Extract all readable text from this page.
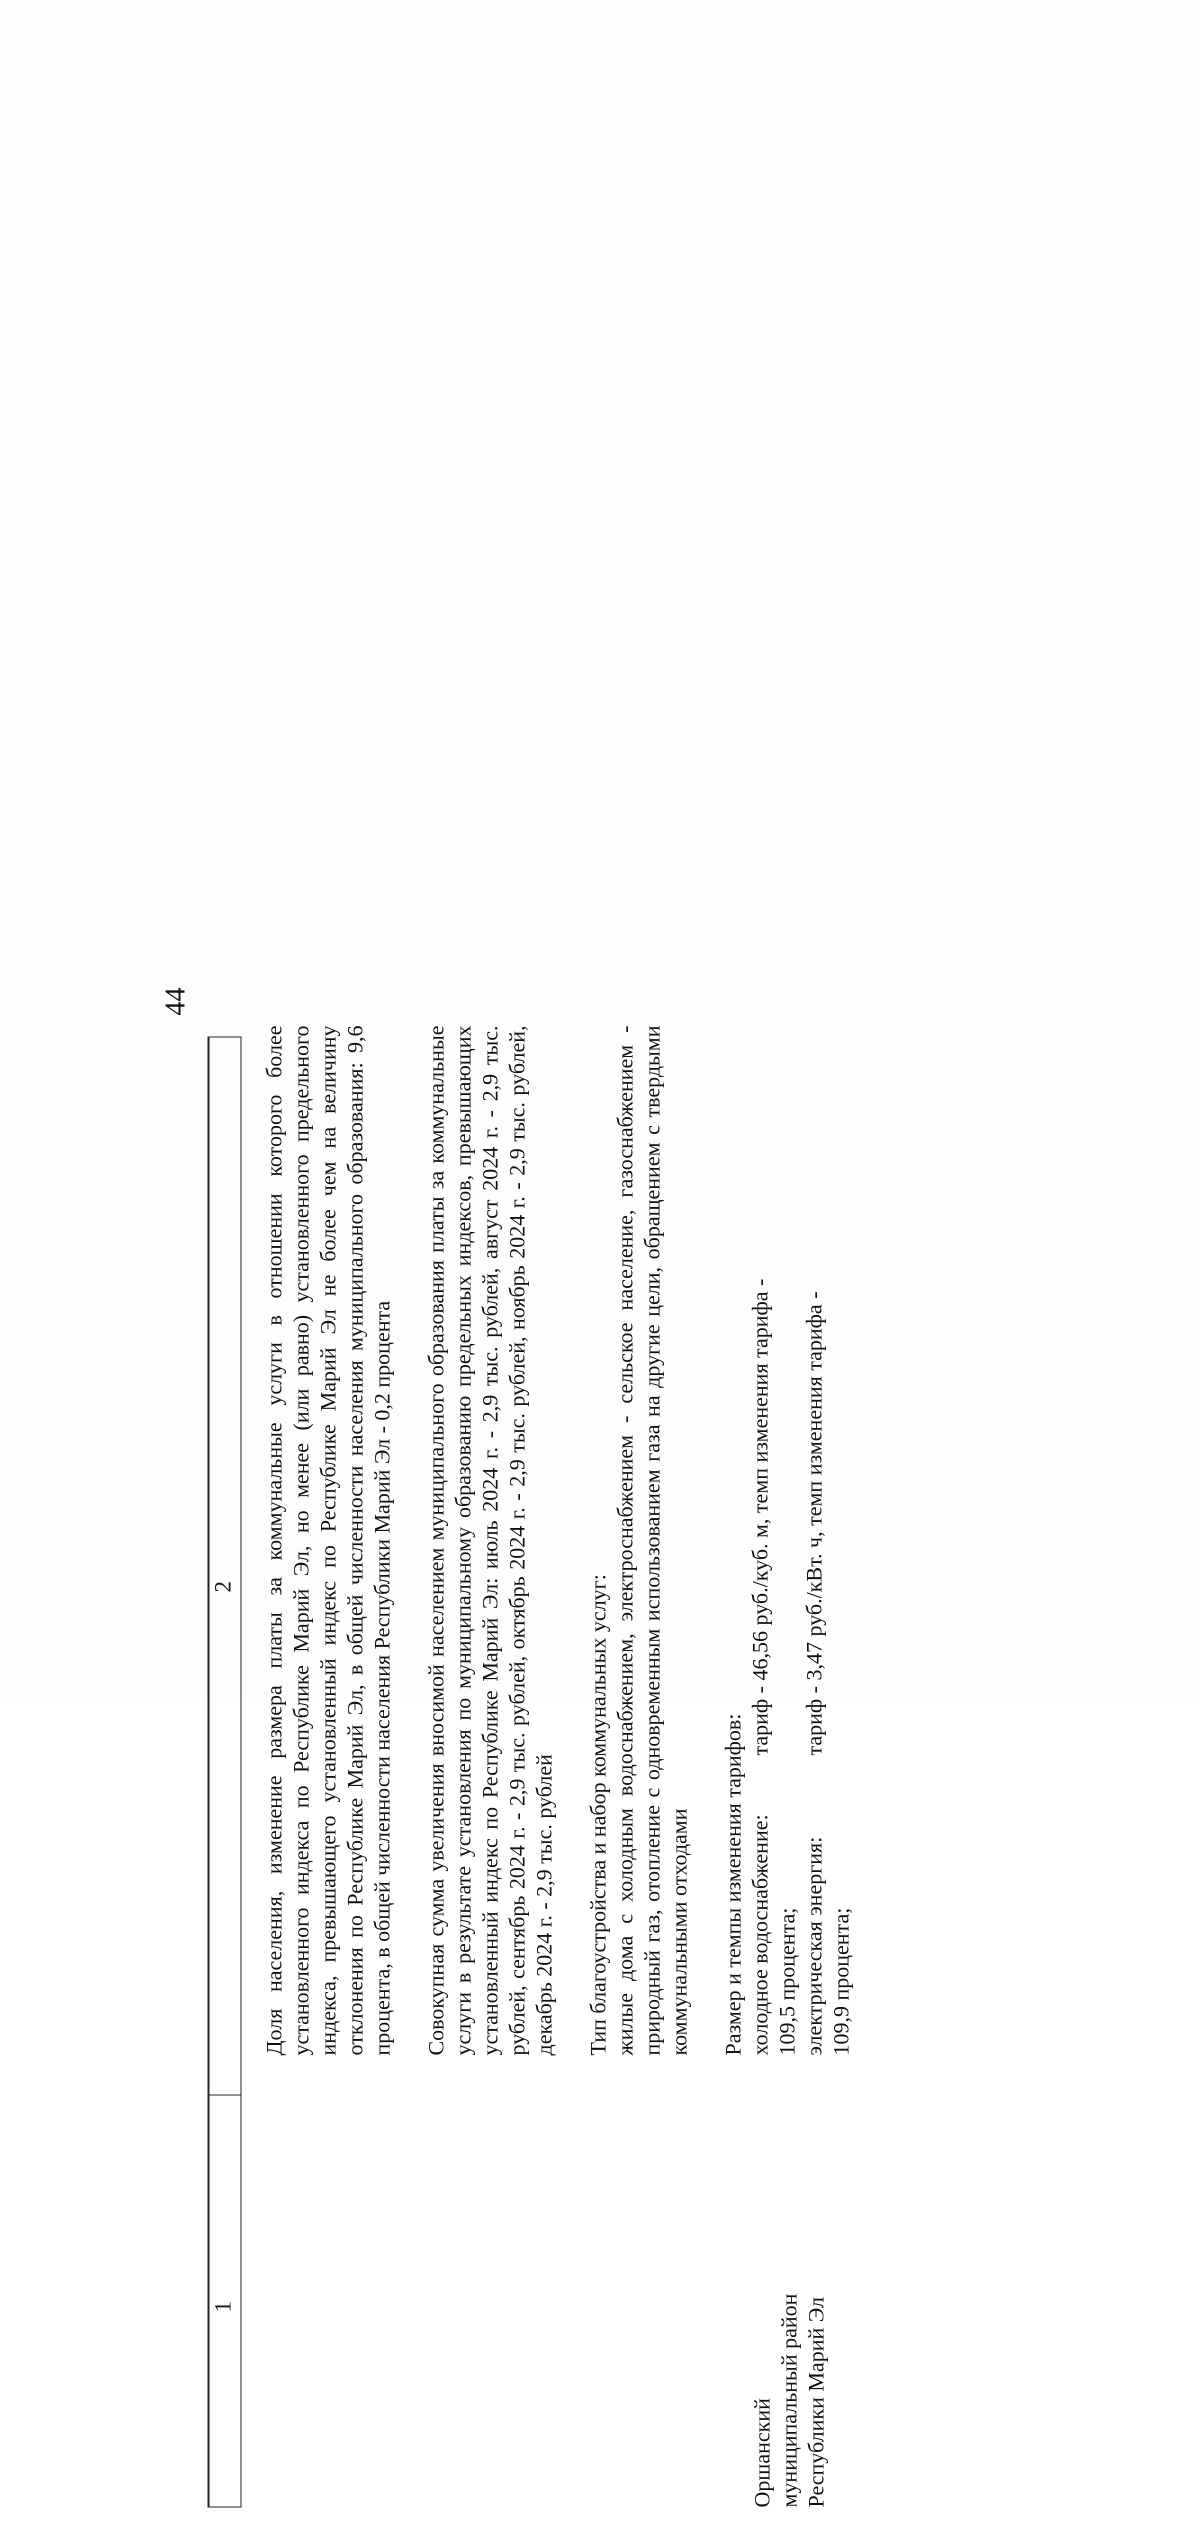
44
1
2
Оршанский муниципальный район Республики Марий Эл
Доля населения, изменение размера платы за коммунальные услуги в отношении которого более установленного индекса по Республике Марий Эл, но менее (или равно) установленного предельного индекса, превышающего установленный индекс по Республике Марий Эл не более чем на величину отклонения по Республике Марий Эл, в общей численности населения муниципального образования: 9,6 процента, в общей численности населения Республики Марий Эл - 0,2 процента Совокупная сумма увеличения вносимой населением муниципального образования платы за коммунальные услуги в результате установления по муниципальному образованию предельных индексов, превышающих установленный индекс по Республике Марий Эл: июль 2024 г. - 2,9 тыс. рублей, август 2024 г. - 2,9 тыс. рублей, сентябрь 2024 г. - 2,9 тыс. рублей, октябрь 2024 г. - 2,9 тыс. рублей, ноябрь 2024 г. - 2,9 тыс. рублей, декабрь 2024 г. - 2,9 тыс. рублей Тип благоустройства и набор коммунальных услуг: жилые дома с холодным водоснабжением, электроснабжением - сельское население, газоснабжением - природный газ, отопление с одновременным использованием газа на другие цели, обращением с твердыми коммунальными отходами Размер и темпы изменения тарифов: холодное водоснабжение:
тариф - 46,56 руб./куб. м, темп изменения тарифа -

109,5 процента; электрическая энергия:
тариф - 3,47 руб./кВт. ч, темп изменения тарифа -

109,9 процента;
